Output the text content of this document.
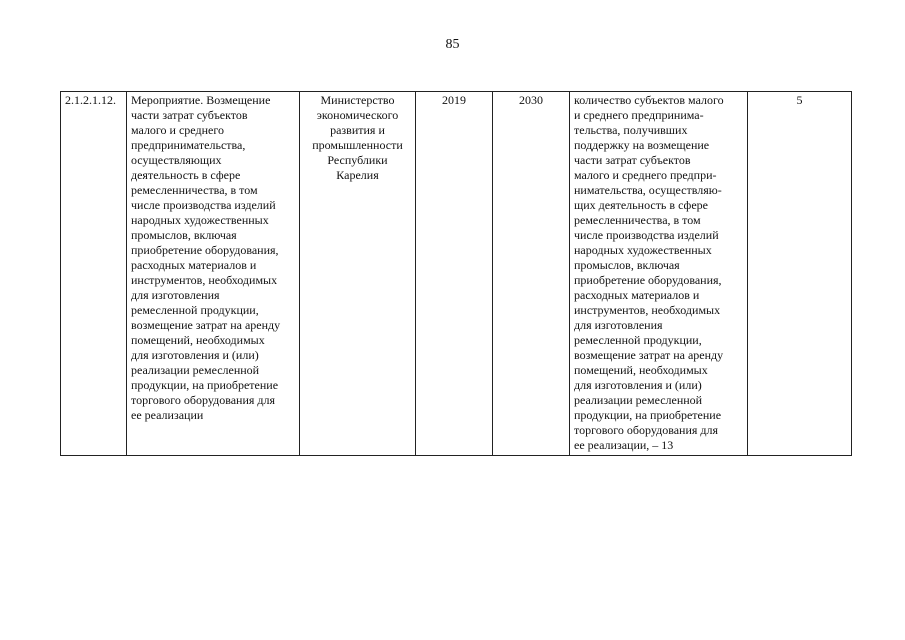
85
2.1.2.1.12.	Мероприятие. Возмещение
части затрат субъектов
малого и среднего
предпринимательства,
осуществляющих
деятельность в сфере
ремесленничества, в том
числе производства изделий
народных художественных
промыслов, включая
приобретение оборудования,
расходных материалов и
инструментов, необходимых
для изготовления
ремесленной продукции,
возмещение затрат на аренду
помещений, необходимых
для изготовления и (или)
реализации ремесленной
продукции, на приобретение
торгового оборудования для
ее реализации	Министерство
экономического
развития и
промышленности
Республики
Карелия	2019	2030	количество субъектов малого
и среднего предпринима-
тельства, получивших
поддержку на возмещение
части затрат субъектов
малого и среднего предпри-
нимательства, осуществляю-
щих деятельность в сфере
ремесленничества, в том
числе производства изделий
народных художественных
промыслов, включая
приобретение оборудования,
расходных материалов и
инструментов, необходимых
для изготовления
ремесленной продукции,
возмещение затрат на аренду
помещений, необходимых
для изготовления и (или)
реализации ремесленной
продукции, на приобретение
торгового оборудования для
ее реализации, – 13	5
